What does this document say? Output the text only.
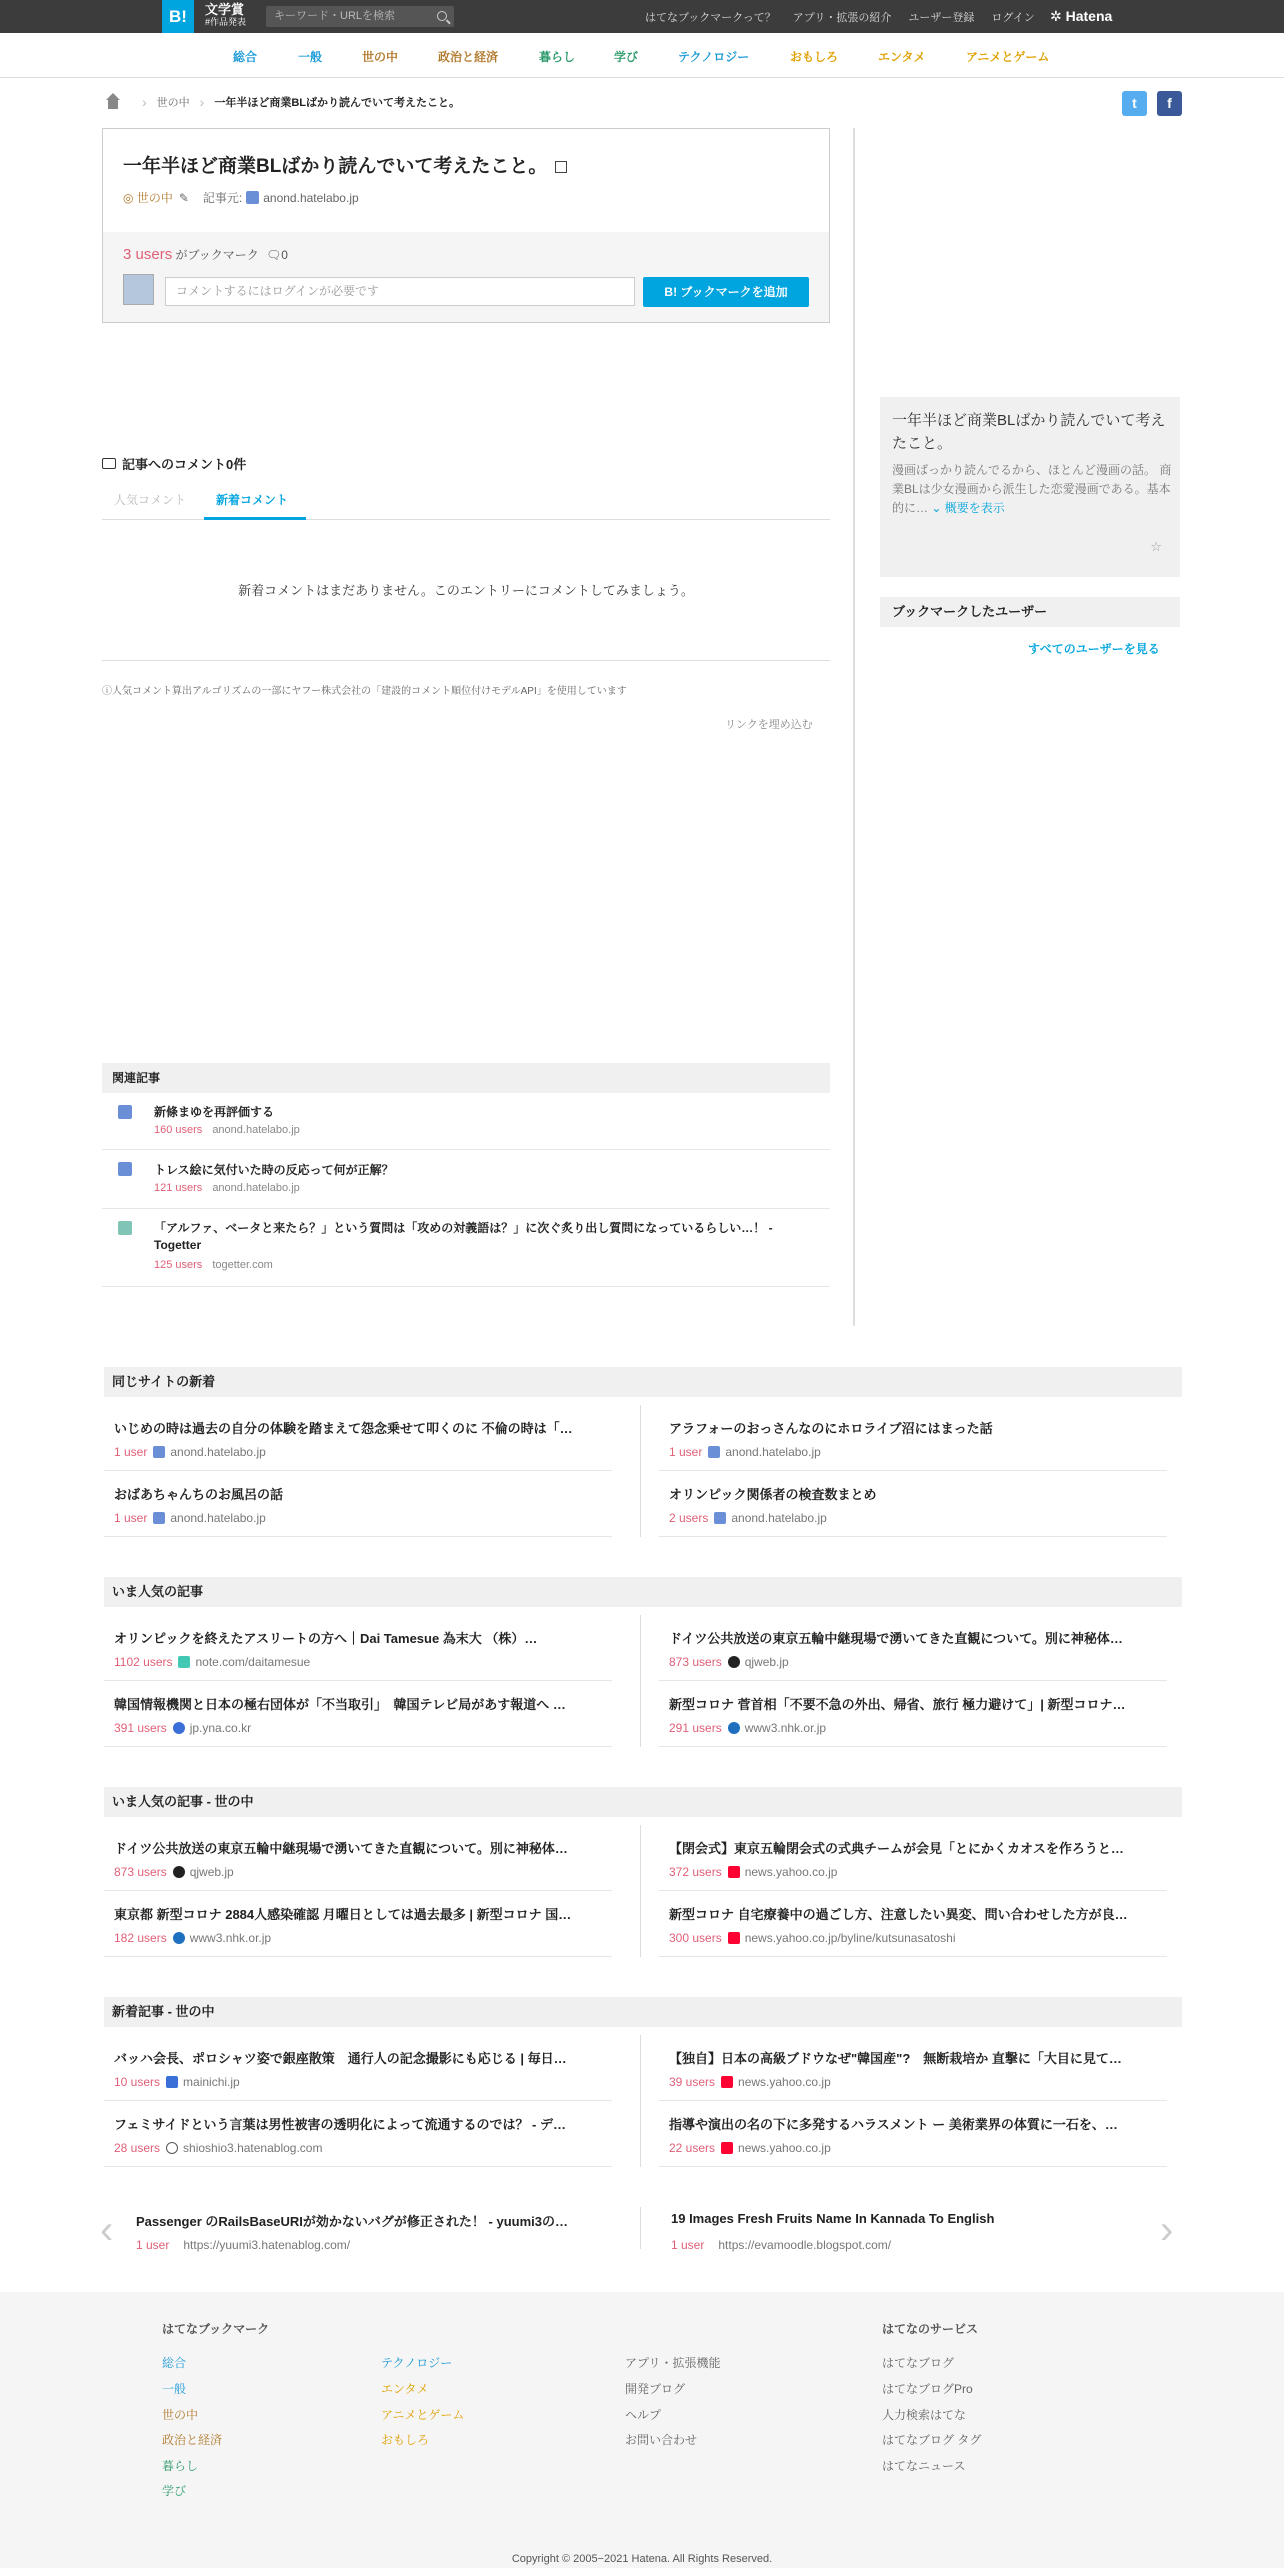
B!	文学賞
#作品発表	キーワード・URLを検索	はてなブックマークって？ アプリ・拡張の紹介 ユーザー登録 ログイン ✲ Hatena
総合	一般	世の中	政治と経済	暮らし	学び	テクノロジー	おもしろ	エンタメ	アニメとゲーム
› 世の中 › 一年半ほど商業BLばかり読んでいて考えたこと。	t	f
一年半ほど商業BLばかり読んでいて考えたこと。
◎ 世の中 ✎ 記事元: anond.hatelabo.jp
3 users がブックマーク 🗨0
コメントするにはログインが必要です	B! ブックマークを追加
記事へのコメント0件
人気コメント	新着コメント
新着コメントはまだありません。このエントリーにコメントしてみましょう。
ⓘ人気コメント算出アルゴリズムの一部にヤフー株式会社の「建設的コメント順位付けモデルAPI」を使用しています
リンクを埋め込む
一年半ほど商業BLばかり読んでいて考えたこと。
漫画ばっかり読んでるから、ほとんど漫画の話。 商業BLは少女漫画から派生した恋愛漫画である。基本的に… ⌄ 概要を表示
☆
ブックマークしたユーザー
すべてのユーザーを見る
関連記事
新條まゆを再評価する
160 users anond.hatelabo.jp
トレス絵に気付いた時の反応って何が正解？
121 users anond.hatelabo.jp
「アルファ、ベータと来たら？」という質問は「攻めの対義語は？」に次ぐ炙り出し質問になっているらしい…！ - Togetter
125 users togetter.com
同じサイトの新着
いじめの時は過去の自分の体験を踏まえて怨念乗せて叩くのに 不倫の時は「…
1 user anond.hatelabo.jp
アラフォーのおっさんなのにホロライブ沼にはまった話
1 user anond.hatelabo.jp
おばあちゃんちのお風呂の話
1 user anond.hatelabo.jp
オリンピック関係者の検査数まとめ
2 users anond.hatelabo.jp
いま人気の記事
オリンピックを終えたアスリートの方へ｜Dai Tamesue 為末大 （株）…
1102 users note.com/daitamesue
ドイツ公共放送の東京五輪中継現場で湧いてきた直観について。別に神秘体…
873 users qjweb.jp
韓国情報機関と日本の極右団体が「不当取引」　韓国テレビ局があす報道へ …
391 users jp.yna.co.kr
新型コロナ 菅首相「不要不急の外出、帰省、旅行 極力避けて」| 新型コロナ…
291 users www3.nhk.or.jp
いま人気の記事 - 世の中
ドイツ公共放送の東京五輪中継現場で湧いてきた直観について。別に神秘体…
873 users qjweb.jp
【閉会式】東京五輪閉会式の式典チームが会見「とにかくカオスを作ろうと…
372 users news.yahoo.co.jp
東京都 新型コロナ 2884人感染確認 月曜日としては過去最多 | 新型コロナ 国…
182 users www3.nhk.or.jp
新型コロナ 自宅療養中の過ごし方、注意したい異変、問い合わせした方が良…
300 users news.yahoo.co.jp/byline/kutsunasatoshi
新着記事 - 世の中
バッハ会長、ポロシャツ姿で銀座散策　通行人の記念撮影にも応じる | 毎日…
10 users mainichi.jp
【独自】日本の高級ブドウなぜ"韓国産"?　無断栽培か 直撃に「大目に見て…
39 users news.yahoo.co.jp
フェミサイドという言葉は男性被害の透明化によって流通するのでは？ - デ…
28 users shioshio3.hatenablog.com
指導や演出の名の下に多発するハラスメント ー 美術業界の体質に一石を、…
22 users news.yahoo.co.jp
‹	›
Passenger のRailsBaseURIが効かないバグが修正された！ - yuumi3の…
1 user https://yuumi3.hatenablog.com/
19 Images Fresh Fruits Name In Kannada To English
1 user https://evamoodle.blogspot.com/
はてなブックマーク
総合
一般
世の中
政治と経済
暮らし
学び
テクノロジー
エンタメ
アニメとゲーム
おもしろ
アプリ・拡張機能
開発ブログ
ヘルプ
お問い合わせ
はてなのサービス
はてなブログ
はてなブログPro
人力検索はてな
はてなブログ タグ
はてなニュース
Copyright © 2005−2021 Hatena. All Rights Reserved.
